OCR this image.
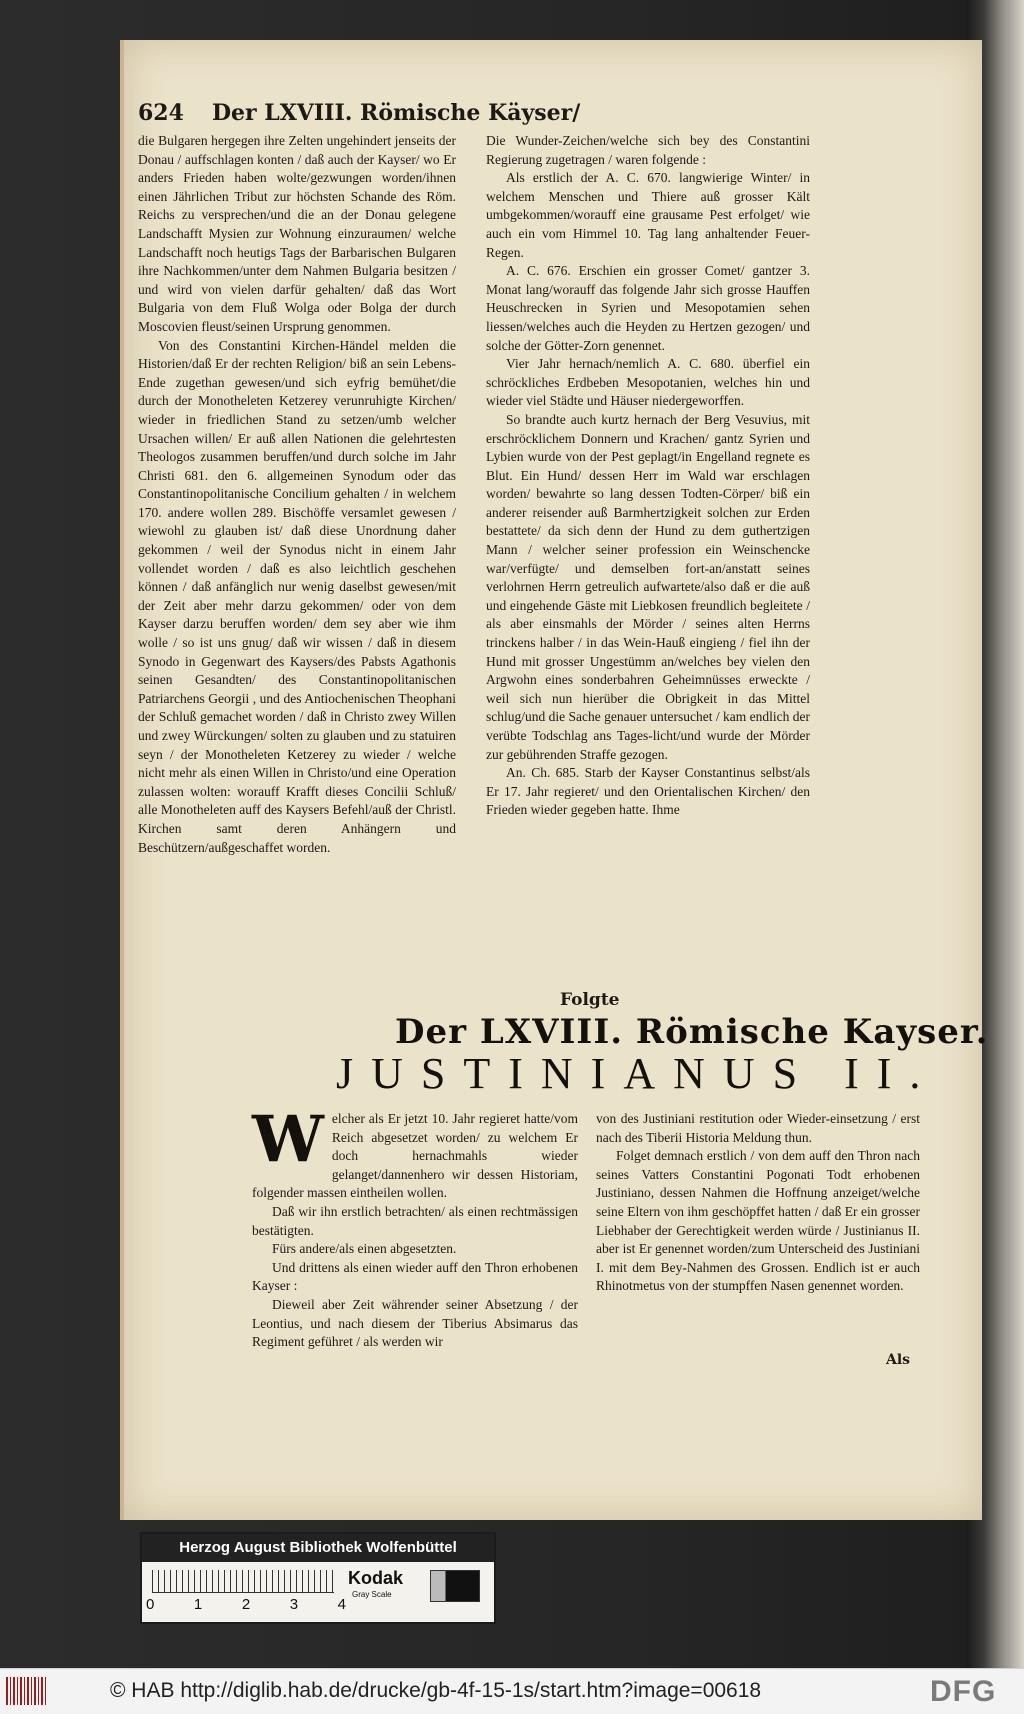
624 Der LXVIII. Römische Käyser/

die Bulgaren hergegen ihre Zelten ungehindert jenseits der Donau / auffschlagen konten / daß auch der Kayser/ wo Er anders Frieden haben wolte/gezwungen worden/ihnen einen Jährlichen Tribut zur höchsten Schande des Röm. Reichs zu versprechen/und die an der Donau gelegene Landschafft Mysien zur Wohnung einzuraumen/ welche Landschafft noch heutigs Tags der Barbarischen Bulgaren ihre Nachkommen/unter dem Nahmen Bulgaria besitzen / und wird von vielen darfür gehalten/ daß das Wort Bulgaria von dem Fluß Wolga oder Bolga der durch Moscovien fleust/seinen Ursprung genommen.

Von des Constantini Kirchen-Händel melden die Historien/daß Er der rechten Religion/ biß an sein Lebens-Ende zugethan gewesen/und sich eyfrig bemühet/die durch der Monotheleten Ketzerey verunruhigte Kirchen/ wieder in friedlichen Stand zu setzen/umb welcher Ursachen willen/ Er auß allen Nationen die gelehrtesten Theologos zusammen beruffen/und durch solche im Jahr Christi 681. den 6. allgemeinen Synodum oder das Constantinopolitanische Concilium gehalten / in welchem 170. andere wollen 289. Bischöffe versamlet gewesen / wiewohl zu glauben ist/ daß diese Unordnung daher gekommen / weil der Synodus nicht in einem Jahr vollendet worden / daß es also leichtlich geschehen können / daß anfänglich nur wenig daselbst gewesen/mit der Zeit aber mehr darzu gekommen/ oder von dem Kayser darzu beruffen worden/ dem sey aber wie ihm wolle / so ist uns gnug/ daß wir wissen / daß in diesem Synodo in Gegenwart des Kaysers/des Pabsts Agathonis seinen Gesandten/ des Constantinopolitanischen Patriarchens Georgii , und des Antiochenischen Theophani der Schluß gemachet worden / daß in Christo zwey Willen und zwey Würckungen/ solten zu glauben und zu statuiren seyn / der Monotheleten Ketzerey zu wieder / welche nicht mehr als einen Willen in Christo/und eine Operation zulassen wolten: worauff Krafft dieses Concilii Schluß/ alle Monotheleten auff des Kaysers Befehl/auß der Christl. Kirchen samt deren Anhängern und Beschützern/außgeschaffet worden.

Die Wunder-Zeichen/welche sich bey des Constantini Regierung zugetragen / waren folgende :

Als erstlich der A. C. 670. langwierige Winter/ in welchem Menschen und Thiere auß grosser Kält umbgekommen/worauff eine grausame Pest erfolget/ wie auch ein vom Himmel 10. Tag lang anhaltender Feuer-Regen.

A. C. 676. Erschien ein grosser Comet/ gantzer 3. Monat lang/worauff das folgende Jahr sich grosse Hauffen Heuschrecken in Syrien und Mesopotamien sehen liessen/welches auch die Heyden zu Hertzen gezogen/ und solche der Götter-Zorn genennet.

Vier Jahr hernach/nemlich A. C. 680. überfiel ein schröckliches Erdbeben Mesopotanien, welches hin und wieder viel Städte und Häuser niedergeworffen.

So brandte auch kurtz hernach der Berg Vesuvius, mit erschröcklichem Donnern und Krachen/ gantz Syrien und Lybien wurde von der Pest geplagt/in Engelland regnete es Blut. Ein Hund/ dessen Herr im Wald war erschlagen worden/ bewahrte so lang dessen Todten-Cörper/ biß ein anderer reisender auß Barmhertzigkeit solchen zur Erden bestattete/ da sich denn der Hund zu dem guthertzigen Mann / welcher seiner profession ein Weinschencke war/verfügte/ und demselben fort-an/anstatt seines verlohrnen Herrn getreulich aufwartete/also daß er die auß und eingehende Gäste mit Liebkosen freundlich begleitete / als aber einsmahls der Mörder / seines alten Herrns trinckens halber / in das Wein-Hauß eingieng / fiel ihn der Hund mit grosser Ungestümm an/welches bey vielen den Argwohn eines sonderbahren Geheimnüsses erweckte / weil sich nun hierüber die Obrigkeit in das Mittel schlug/und die Sache genauer untersuchet / kam endlich der verübte Todschlag ans Tages-licht/und wurde der Mörder zur gebührenden Straffe gezogen.

An. Ch. 685. Starb der Kayser Constantinus selbst/als Er 17. Jahr regieret/ und den Orientalischen Kirchen/ den Frieden wieder gegeben hatte. Ihme

Folgte
Der LXVIII. Römische Kayser.
JUSTINIANUS II.

Welcher als Er jetzt 10. Jahr regieret hatte/vom Reich abgesetzet worden/ zu welchem Er doch hernachmahls wieder gelanget/dannenhero wir dessen Historiam, folgender massen eintheilen wollen.

Daß wir ihn erstlich betrachten/ als einen rechtmässigen bestätigten.

Fürs andere/als einen abgesetzten.

Und drittens als einen wieder auff den Thron erhobenen Kayser :

Dieweil aber Zeit währender seiner Absetzung / der Leontius, und nach diesem der Tiberius Absimarus das Regiment geführet / als werden wir

von des Justiniani restitution oder Wieder-einsetzung / erst nach des Tiberii Historia Meldung thun.

Folget demnach erstlich / von dem auff den Thron nach seines Vatters Constantini Pogonati Todt erhobenen Justiniano, dessen Nahmen die Hoffnung anzeiget/welche seine Eltern von ihm geschöpffet hatten / daß Er ein grosser Liebhaber der Gerechtigkeit werden würde / Justinianus II. aber ist Er genennet worden/zum Unterscheid des Justiniani I. mit dem Bey-Nahmen des Grossen. Endlich ist er auch Rhinotmetus von der stumpffen Nasen genennet worden.

Als
Herzog August Bibliothek Wolfenbüttel
0	1	2	3	4
Kodak
Gray Scale
© HAB http://diglib.hab.de/drucke/gb-4f-15-1s/start.htm?image=00618	DFG
